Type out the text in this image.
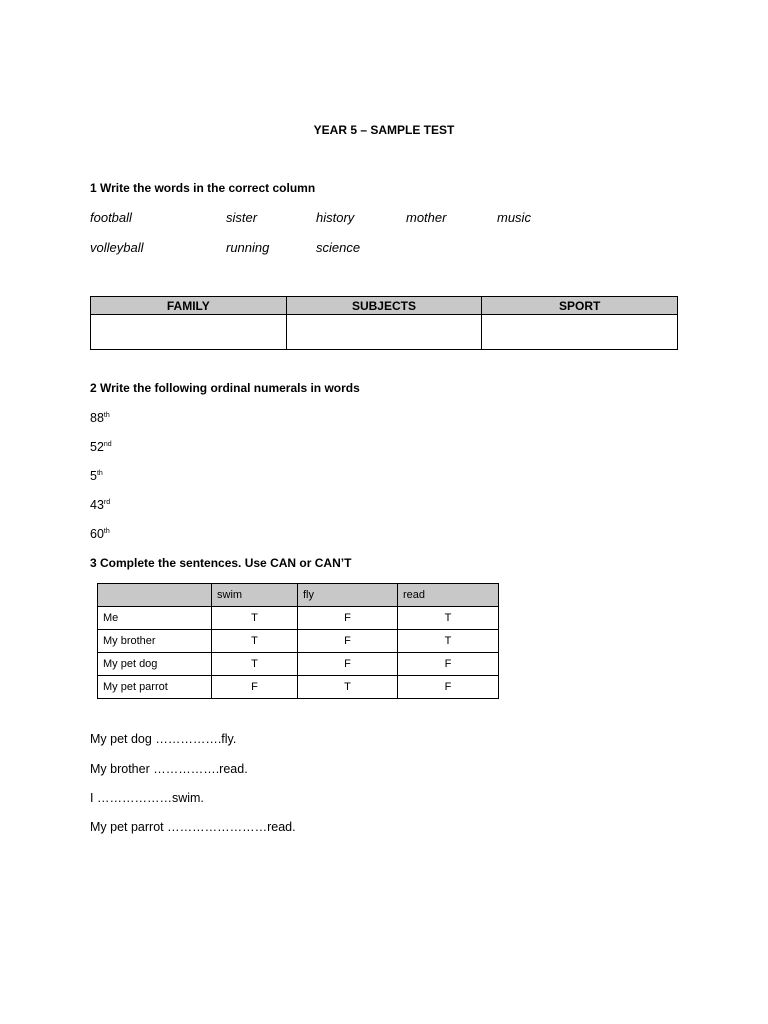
YEAR 5 – SAMPLE TEST
1 Write the words in the correct column
football	sister	history	mother	music
volleyball	running	science
FAMILY	SUBJECTS	SPORT

2 Write the following ordinal numerals in words
88th
52nd
5th
43rd
60th
3 Complete the sentences. Use CAN or CAN’T
	swim	fly	read
Me	T	F	T
My brother	T	F	T
My pet dog	T	F	F
My pet parrot	F	T	F
My pet dog …………….fly.
My brother …………….read.
I ………………swim.
My pet parrot ……………………read.
